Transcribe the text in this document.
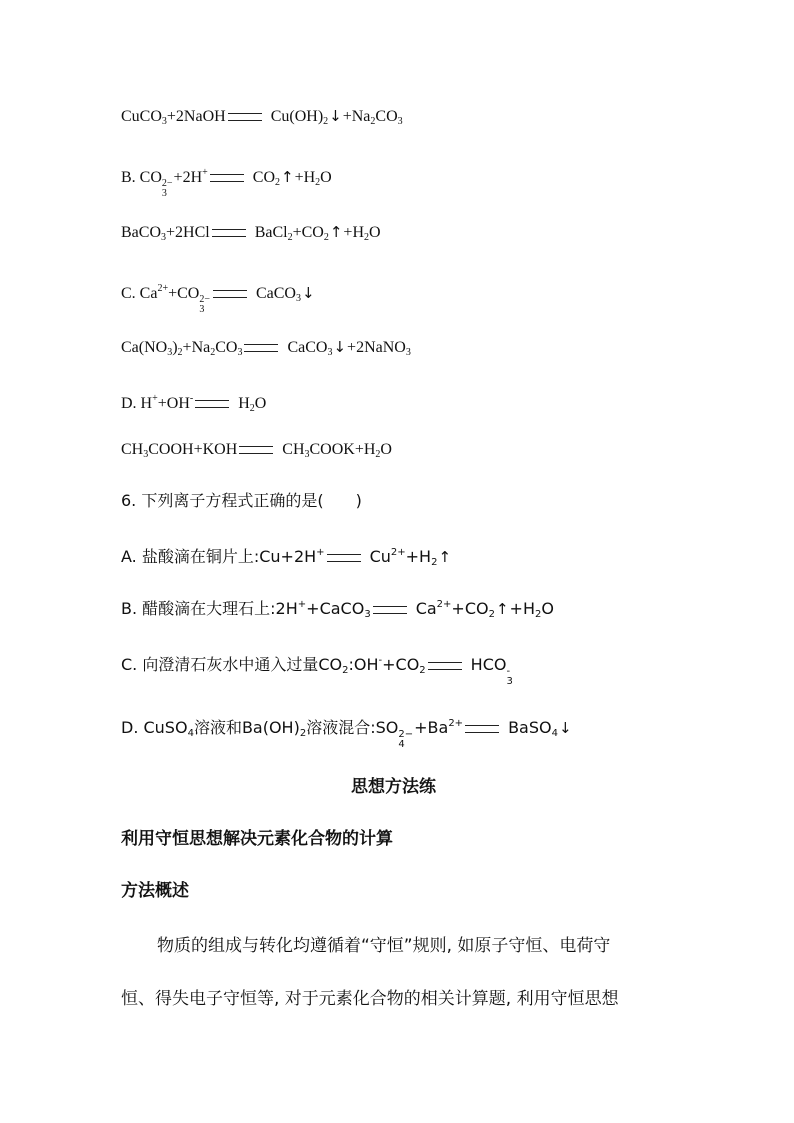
CuCO3+2NaOH	Cu(OH)2↓+Na2CO3
B. CO 2−
3
+2H+	CO2↑+H2O
BaCO3+2HCl	BaCl2+CO2↑+H2O
C. Ca2++CO 2−
3
CaCO3↓
Ca(NO3)2+Na2CO3	CaCO3↓+2NaNO3
D. H++OH-	H2O
CH3COOH+KOH	CH3COOK+H2O
6. 下列离子方程式正确的是(　　)
A. 盐酸滴在铜片上:Cu+2H+	Cu2++H2↑
B. 醋酸滴在大理石上:2H++CaCO3	Ca2++CO2↑+H2O
C. 向澄清石灰水中通入过量CO2:OH-+CO2	HCO -
3
D. CuSO4溶液和Ba(OH)2溶液混合:SO 2−
4
+Ba2+	BaSO4↓
思想方法练
利用守恒思想解决元素化合物的计算
方法概述
物质的组成与转化均遵循着“守恒”规则, 如原子守恒、电荷守
恒、得失电子守恒等, 对于元素化合物的相关计算题, 利用守恒思想
